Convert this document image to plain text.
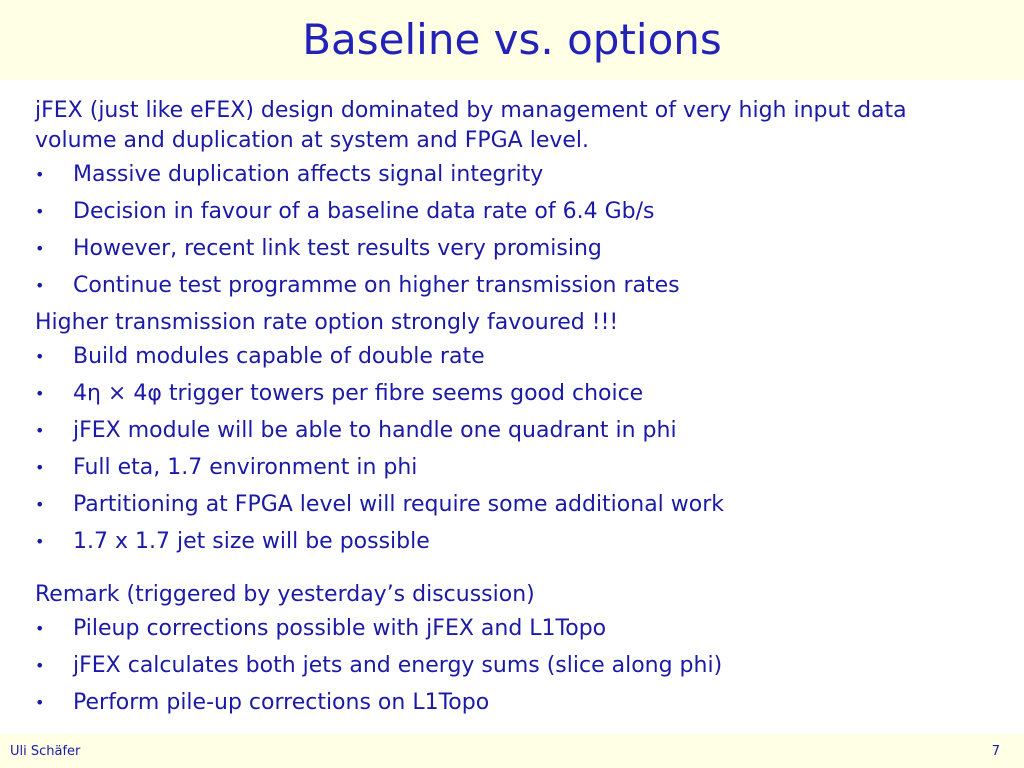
Baseline vs. options
jFEX (just like eFEX) design dominated by management of very high input data volume and duplication at system and FPGA level.
•	Massive duplication affects signal integrity
•	Decision in favour of a baseline data rate of 6.4 Gb/s
•	However, recent link test results very promising
•	Continue test programme on higher transmission rates
Higher transmission rate option strongly favoured !!!
•	Build modules capable of double rate
•	4η × 4φ trigger towers per fibre seems good choice
•	jFEX module will be able to handle one quadrant in phi
•	Full eta, 1.7 environment in phi
•	Partitioning at FPGA level will require some additional work
•	1.7 x 1.7 jet size will be possible
Remark (triggered by yesterday’s discussion)
•	Pileup corrections possible with jFEX and L1Topo
•	jFEX calculates both jets and energy sums (slice along phi)
•	Perform pile-up corrections on L1Topo
Uli Schäfer	7
